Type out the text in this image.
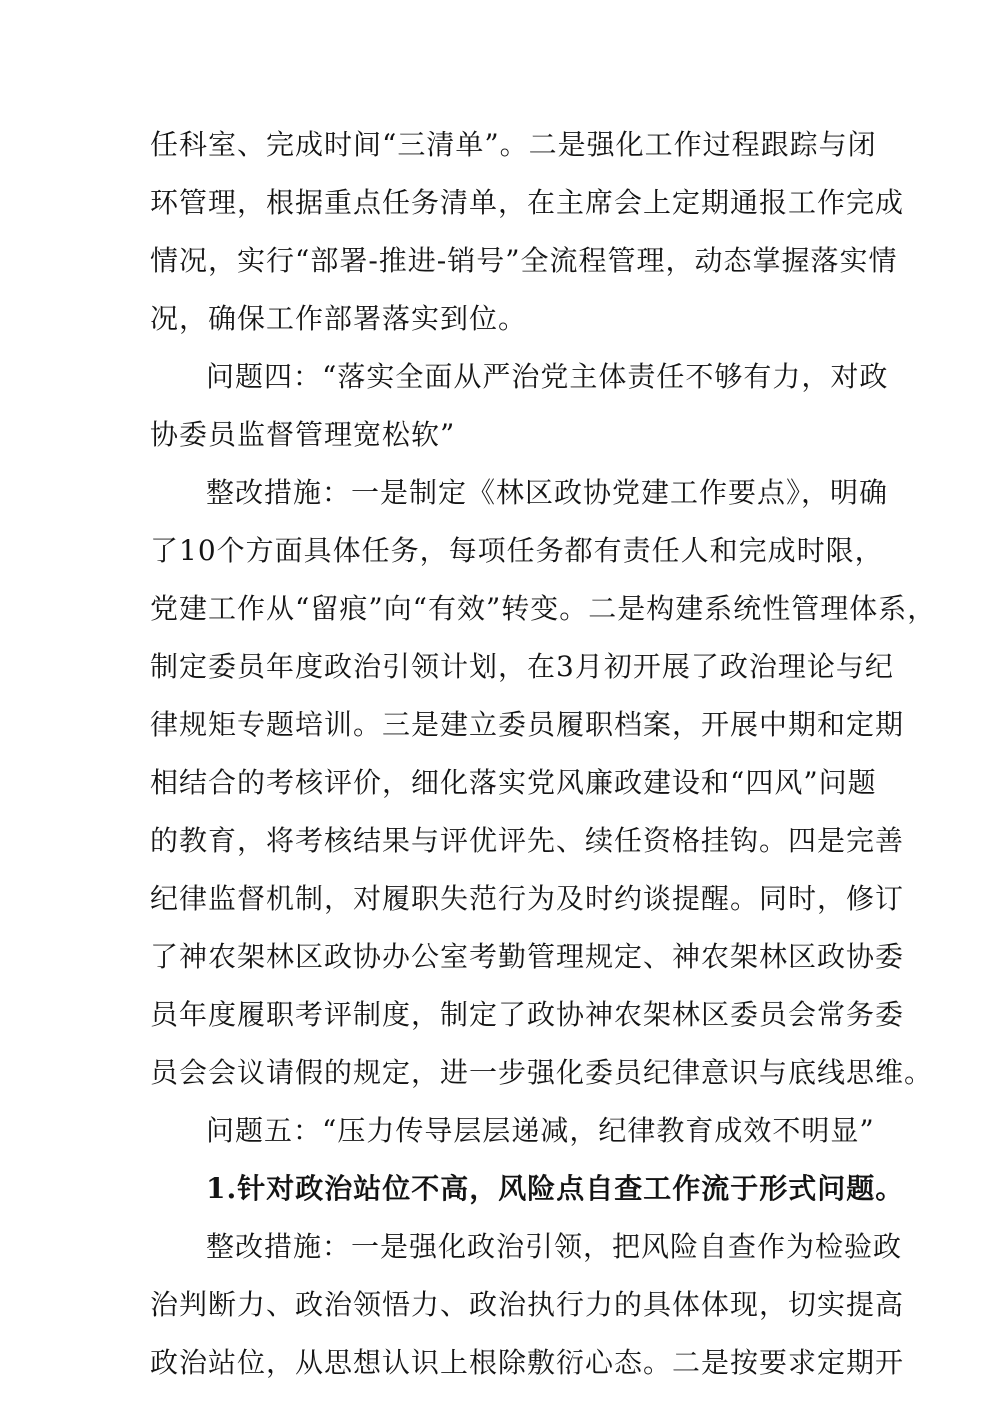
任科室、完成时间“三清单”。二是强化工作过程跟踪与闭
环管理，根据重点任务清单，在主席会上定期通报工作完成
情况，实行“部署-推进-销号”全流程管理，动态掌握落实情
况，确保工作部署落实到位。
问题四：“落实全面从严治党主体责任不够有力，对政
协委员监督管理宽松软”
整改措施：一是制定《林区政协党建工作要点》，明确
了10个方面具体任务，每项任务都有责任人和完成时限，
党建工作从“留痕”向“有效”转变。二是构建系统性管理体系，
制定委员年度政治引领计划，在3月初开展了政治理论与纪
律规矩专题培训。三是建立委员履职档案，开展中期和定期
相结合的考核评价，细化落实党风廉政建设和“四风”问题
的教育，将考核结果与评优评先、续任资格挂钩。四是完善
纪律监督机制，对履职失范行为及时约谈提醒。同时，修订
了神农架林区政协办公室考勤管理规定、神农架林区政协委
员年度履职考评制度，制定了政协神农架林区委员会常务委
员会会议请假的规定，进一步强化委员纪律意识与底线思维。
问题五：“压力传导层层递减，纪律教育成效不明显”
1.针对政治站位不高，风险点自查工作流于形式问题。
整改措施：一是强化政治引领，把风险自查作为检验政
治判断力、政治领悟力、政治执行力的具体体现，切实提高
政治站位，从思想认识上根除敷衍心态。二是按要求定期开
